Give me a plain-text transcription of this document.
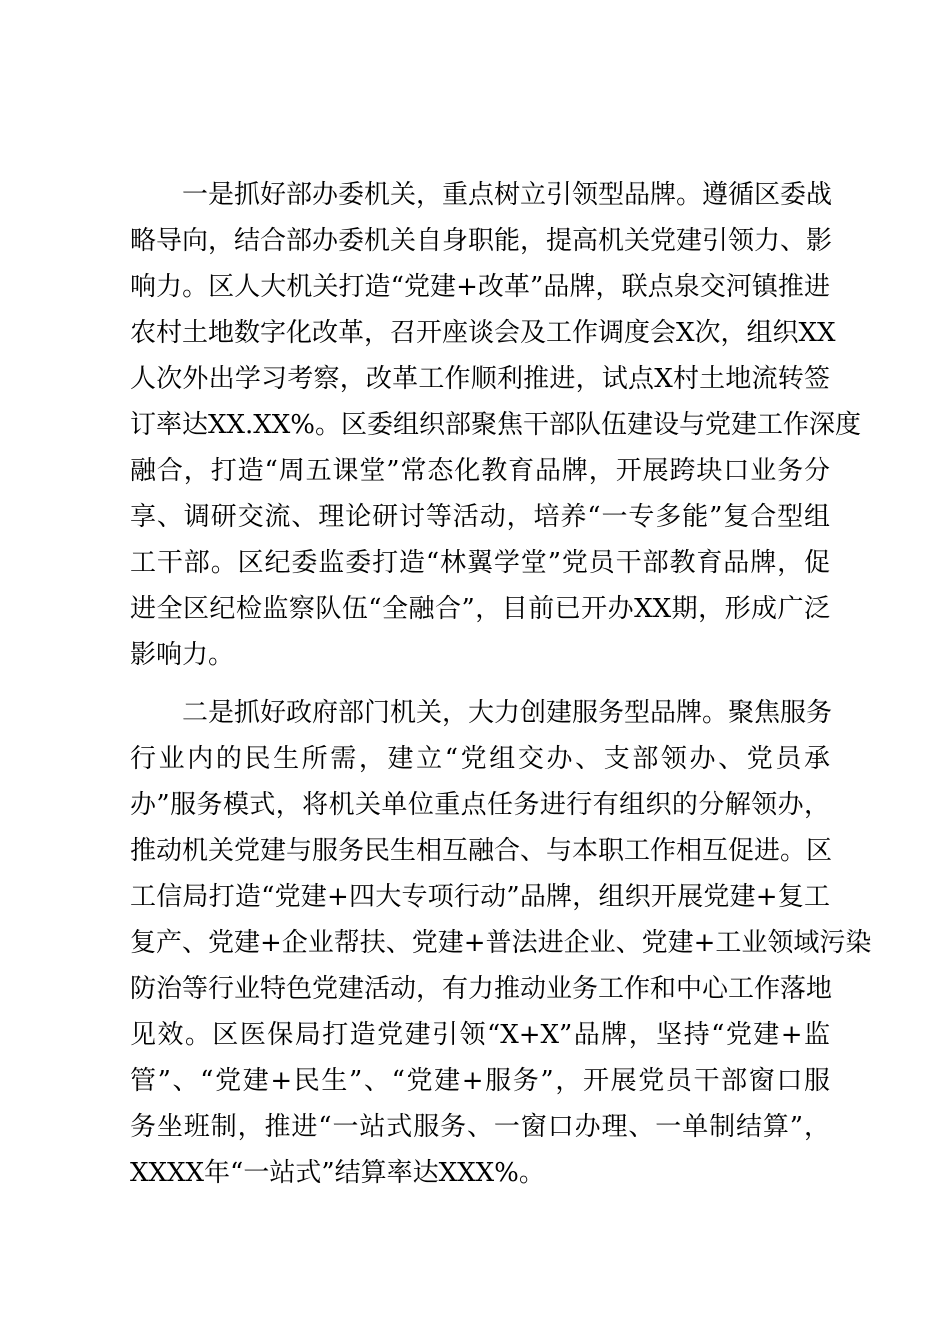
一是抓好部办委机关，重点树立引领型品牌。遵循区委战
略导向，结合部办委机关自身职能，提高机关党建引领力、影
响力。区人大机关打造“党建+改革”品牌，联点泉交河镇推进
农村土地数字化改革，召开座谈会及工作调度会X次，组织XX
人次外出学习考察，改革工作顺利推进，试点X村土地流转签
订率达XX.XX%。区委组织部聚焦干部队伍建设与党建工作深度
融合，打造“周五课堂”常态化教育品牌，开展跨块口业务分
享、调研交流、理论研讨等活动，培养“一专多能”复合型组
工干部。区纪委监委打造“林翼学堂”党员干部教育品牌，促
进全区纪检监察队伍“全融合”，目前已开办XX期，形成广泛
影响力。
二是抓好政府部门机关，大力创建服务型品牌。聚焦服务
行业内的民生所需，建立“党组交办、支部领办、党员承
办”服务模式，将机关单位重点任务进行有组织的分解领办，
推动机关党建与服务民生相互融合、与本职工作相互促进。区
工信局打造“党建+四大专项行动”品牌，组织开展党建+复工
复产、党建+企业帮扶、党建+普法进企业、党建+工业领域污染
防治等行业特色党建活动，有力推动业务工作和中心工作落地
见效。区医保局打造党建引领“X+X”品牌，坚持“党建+监
管”、“党建+民生”、“党建+服务”，开展党员干部窗口服
务坐班制，推进“一站式服务、一窗口办理、一单制结算”，
XXXX年“一站式”结算率达XXX%。
